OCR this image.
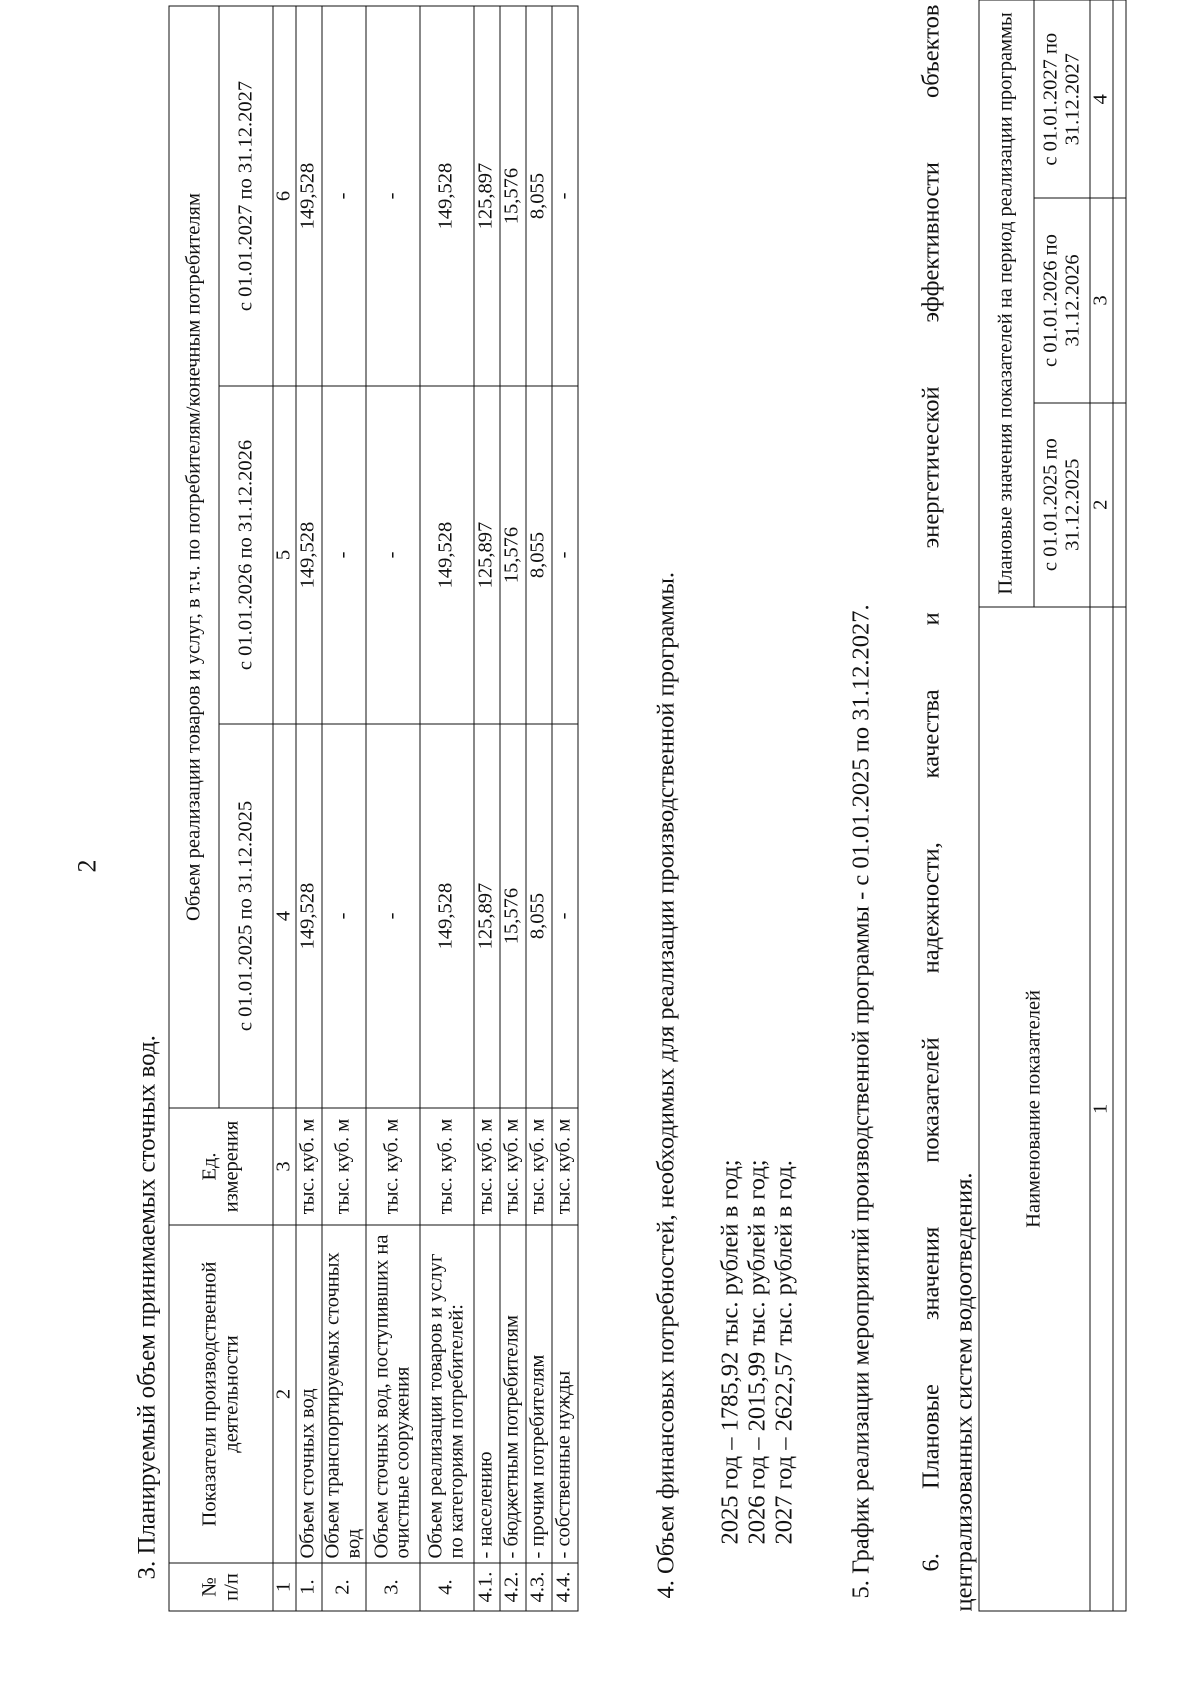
2
3. Планируемый объем принимаемых сточных вод.
№ п/п	Показатели производственной деятельности	Ед. измерения	Объем реализации товаров и услуг, в т.ч. по потребителям/конечным потребителям		
			с 01.01.2025 по 31.12.2025	с 01.01.2026 по 31.12.2026	с 01.01.2027 по 31.12.2027
1	2	3	4	5	6
1.	Объем сточных вод	тыс. куб. м	149,528	149,528	149,528
2.	Объем транспортируемых сточных вод	тыс. куб. м	-	-	-
3.	Объем сточных вод, поступивших на очистные сооружения	тыс. куб. м	-	-	-
4.	Объем реализации товаров и услуг по категориям потребителей:	тыс. куб. м	149,528	149,528	149,528
4.1.	- населению	тыс. куб. м	125,897	125,897	125,897
4.2.	- бюджетным потребителям	тыс. куб. м	15,576	15,576	15,576
4.3.	- прочим потребителям	тыс. куб. м	8,055	8,055	8,055
4.4.	- собственные нужды	тыс. куб. м	-	-	-
4. Объем финансовых потребностей, необходимых для реализации производственной программы. 2025 год – 1785,92 тыс. рублей в год; 2026 год – 2015,99 тыс. рублей в год; 2027 год – 2622,57 тыс. рублей в год. 5. График реализации мероприятий производственной программы - с 01.01.2025 по 31.12.2027. 6.
Плановые
значения
показателей
надежности,
качества
и
энергетической
эффективности
объектов
централизованных систем водоотведения.
Наименование показателей	Плановые значения показателей на период реализации программы		
	с 01.01.2025 по 31.12.2025	с 01.01.2026 по 31.12.2026	с 01.01.2027 по 31.12.2027
1	2	3	4
